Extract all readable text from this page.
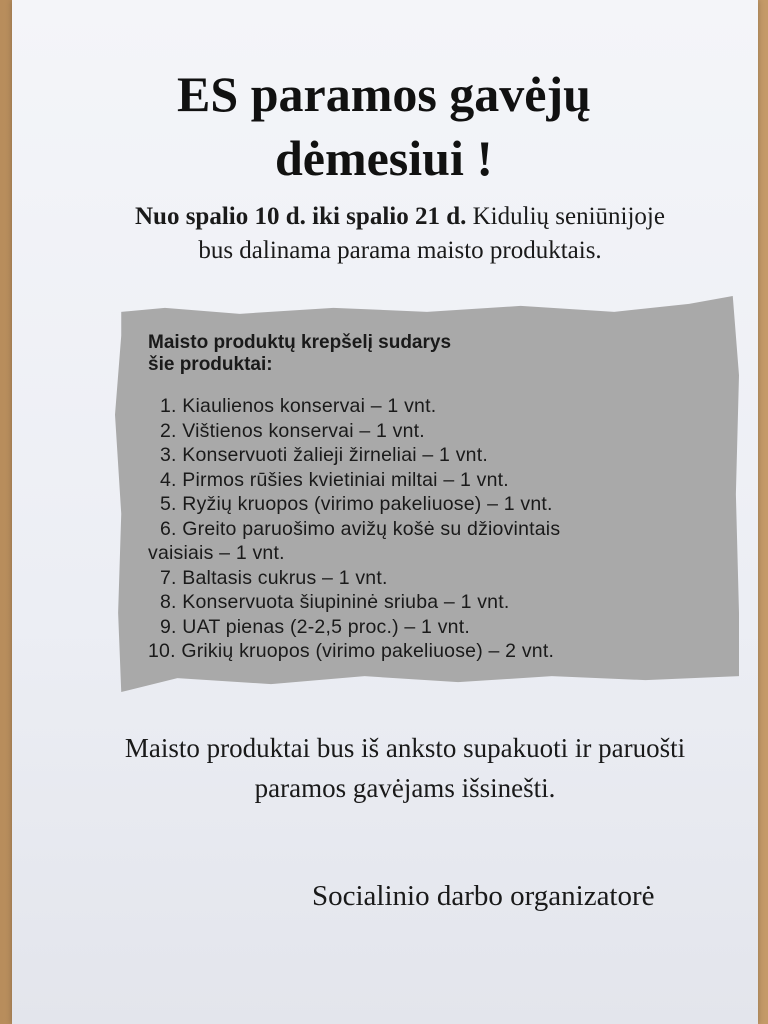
ES paramos gavėjų
dėmesiui !

Nuo spalio 10 d. iki spalio 21 d. Kidulių seniūnijoje bus dalinama parama maisto produktais.

Maisto produktų krepšelį sudarys
šie produktai:
1. Kiaulienos konservai – 1 vnt.
2. Vištienos konservai – 1 vnt.
3. Konservuoti žalieji žirneliai – 1 vnt.
4. Pirmos rūšies kvietiniai miltai – 1 vnt.
5. Ryžių kruopos (virimo pakeliuose) – 1 vnt.
6. Greito paruošimo avižų košė su džiovintais
vaisiais – 1 vnt.
7. Baltasis cukrus – 1 vnt.
8. Konservuota šiupininė sriuba – 1 vnt.
9. UAT pienas (2-2,5 proc.) – 1 vnt.
10. Grikių kruopos (virimo pakeliuose) – 2 vnt.

Maisto produktai bus iš anksto supakuoti ir paruošti paramos gavėjams išsinešti.

Socialinio darbo organizatorė
